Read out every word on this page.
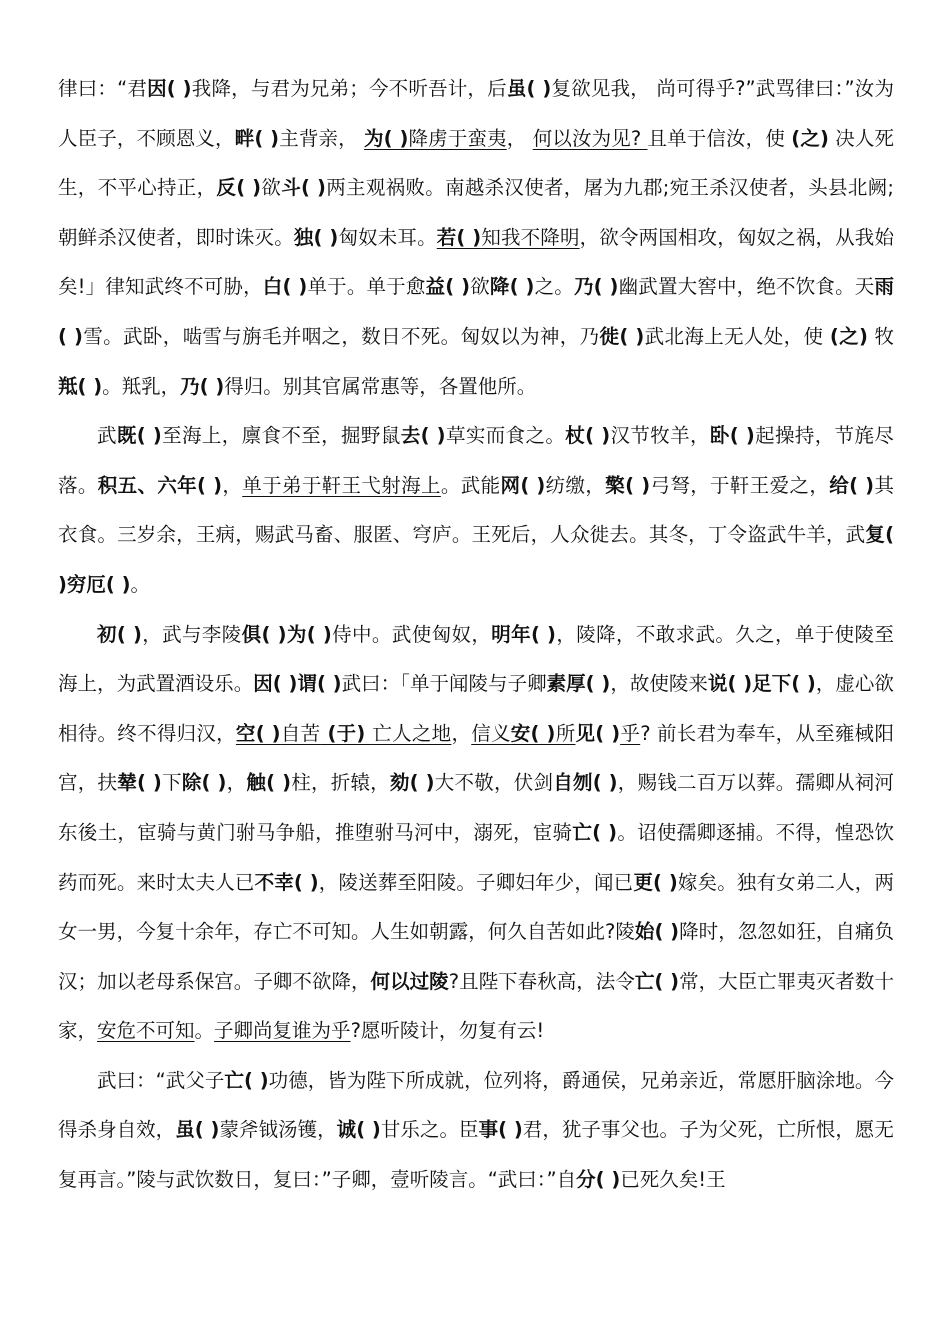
律曰：“君因( )我降，与君为兄弟；今不听吾计，后虽( )复欲见我， 尚可得乎?”武骂律曰：”汝为人臣子，不顾恩义，畔( )主背亲， 为( )降虏于蛮夷， 何以汝为见? 且单于信汝，使 (之) 决人死生，不平心持正，反( )欲斗( )两主观祸败。南越杀汉使者，屠为九郡;宛王杀汉使者，头县北阙;朝鲜杀汉使者，即时诛灭。独( )匈奴未耳。若( )知我不降明，欲令两国相攻，匈奴之祸，从我始矣!」律知武终不可胁，白( )单于。单于愈益( )欲降( )之。乃( )幽武置大窖中，绝不饮食。天雨( )雪。武卧，啮雪与旃毛并咽之，数日不死。匈奴以为神，乃徙( )武北海上无人处，使 (之) 牧羝( )。羝乳，乃( )得归。别其官属常惠等，各置他所。

武既( )至海上，廪食不至，掘野鼠去( )草实而食之。杖( )汉节牧羊，卧( )起操持，节旄尽落。积五、六年( )，单于弟于靬王弋射海上。武能网( )纺缴，檠( )弓弩，于靬王爱之，给( )其衣食。三岁余，王病，赐武马畜、服匿、穹庐。王死后，人众徙去。其冬，丁令盗武牛羊，武复( )穷厄( )。

初( )，武与李陵俱( )为( )侍中。武使匈奴，明年( )，陵降，不敢求武。久之，单于使陵至海上，为武置酒设乐。因( )谓( )武曰：「单于闻陵与子卿素厚( )，故使陵来说( )足下( )，虚心欲相待。终不得归汉，空( )自苦 (于) 亡人之地，信义安( )所见( )乎? 前长君为奉车，从至雍棫阳宫，扶辇( )下除( )，触( )柱，折辕，劾( )大不敬，伏剑自刎( )，赐钱二百万以葬。孺卿从祠河东後土，宦骑与黄门驸马争船，推堕驸马河中，溺死，宦骑亡( )。诏使孺卿逐捕。不得，惶恐饮药而死。来时太夫人已不幸( )，陵送葬至阳陵。子卿妇年少，闻已更( )嫁矣。独有女弟二人，两女一男，今复十余年，存亡不可知。人生如朝露，何久自苦如此?陵始( )降时，忽忽如狂，自痛负汉；加以老母系保宫。子卿不欲降，何以过陵?且陛下春秋高，法令亡( )常，大臣亡罪夷灭者数十家，安危不可知。子卿尚复谁为乎?愿听陵计，勿复有云!

武曰：“武父子亡( )功德，皆为陛下所成就，位列将，爵通侯，兄弟亲近，常愿肝脑涂地。今得杀身自效，虽( )蒙斧钺汤镬，诚( )甘乐之。臣事( )君，犹子事父也。子为父死，亡所恨，愿无复再言。”陵与武饮数日，复曰：”子卿，壹听陵言。“武曰：”自分( )已死久矣!王
